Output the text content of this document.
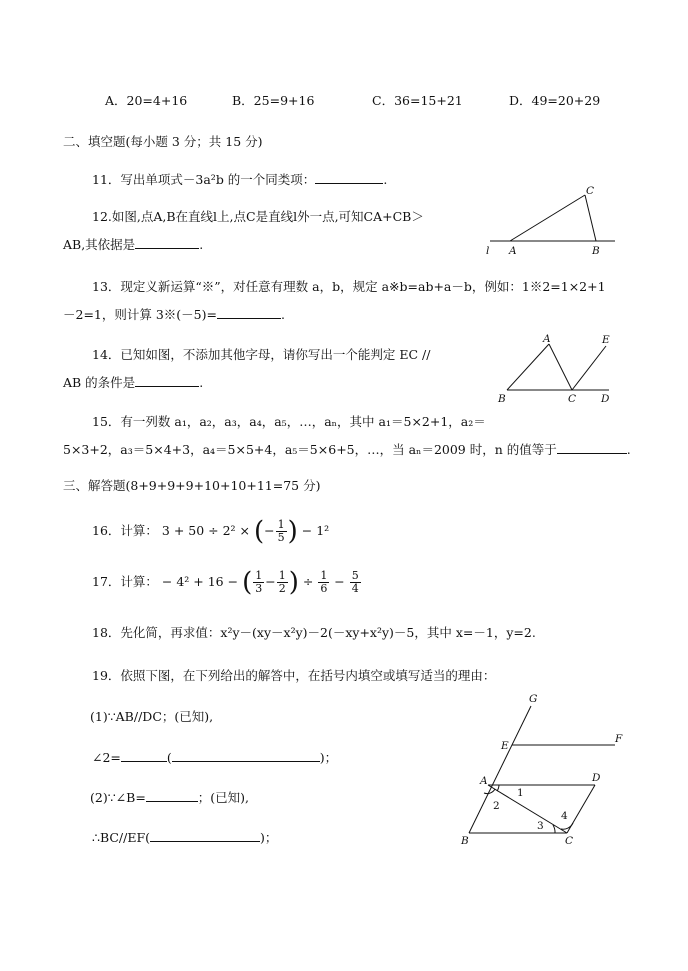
A．20=4+16	B．25=9+16	C．36=15+21	D．49=20+29
二、填空题(每小题 3 分；共 15 分)
11．写出单项式－3a²b 的一个同类项：	.
12.如图,点A,B在直线l上,点C是直线l外一点,可知CA+CB＞
AB,其依据是	.
C
l A	B
13．现定义新运算“※”，对任意有理数 a，b，规定 a※b=ab+a－b，例如：1※2=1×2+1
－2=1，则计算 3※(－5)=	.
14．已知如图，不添加其他字母，请你写出一个能判定 EC //
AB 的条件是	.
A	E
B	C D
15．有一列数 a₁，a₂，a₃，a₄，a₅，…，aₙ，其中 a₁＝5×2+1，a₂＝
5×3+2，a₃＝5×4+3，a₄＝5×5+4，a₅＝5×6+5，…，当 aₙ＝2009 时，n 的值等于	.
三、解答题(8+9+9+9+10+10+11=75 分)
16．计算： 3 + 50 ÷ 2² × (− $\frac{1}{5}$ ) − 1²
17．计算： − 4² + 16 − ( $\frac{1}{3} - \frac{1}{2}$ ) ÷ $\frac{1}{6} - \frac{5}{4}$
18．先化简，再求值：x²y－(xy－x²y)－2(－xy+x²y)－5，其中 x=－1，y=2.
19．依照下图，在下列给出的解答中，在括号内填空或填写适当的理由：
(1)∵AB//DC；(已知),
∠2=	(	)；
(2)∵∠B=	；(已知),
∴BC//EF(	)；
G
E
F
A	D
B	C
1
2
3
4
